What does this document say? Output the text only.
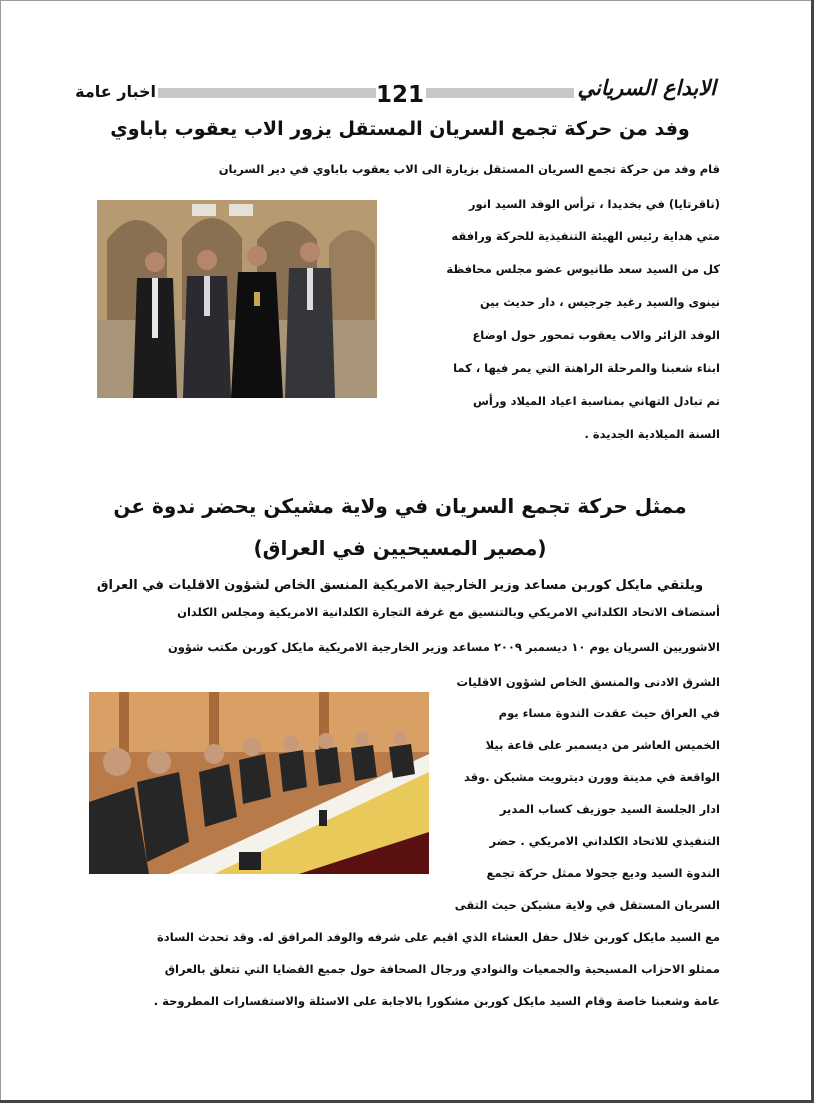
الابداع السرياني
121
اخبار عامة
وفد من حركة تجمع السريان المستقل يزور الاب يعقوب باباوي
قام وفد من حركة تجمع السريان المستقل بزيارة الى الاب يعقوب باباوي في دير السريان
(ناقرتايا) في بخديدا ، ترأس الوفد السيد انور
متي هداية رئيس الهيئة التنفيذية للحركة ورافقه
كل من السيد سعد طانيوس عضو مجلس محافظة
نينوى والسيد رغيد جرجيس ، دار حديث بين
الوفد الزائر والاب يعقوب تمحور حول اوضاع
ابناء شعبنا والمرحلة الراهنة التي يمر فيها ، كما
تم تبادل التهاني بمناسبة اعياد الميلاد ورأس
السنة الميلادية الجديدة .
ممثل حركة تجمع السريان في ولاية مشيكن يحضر ندوة عن
(مصير المسيحيين في العراق)
ويلتقي مايكل كوربن مساعد وزير الخارجية الامريكية المنسق الخاص لشؤون الاقليات في العراق
أستضاف الاتحاد الكلداني الامريكي وبالتنسيق مع غرفة التجارة الكلدانية الامريكية ومجلس الكلدان
الاشوريين السريان يوم ١٠ ديسمبر ٢٠٠٩ مساعد وزير الخارجية الامريكية مايكل كوربن مكتب شؤون
الشرق الادنى والمنسق الخاص لشؤون الاقليات
في العراق حيث عقدت الندوة مساء يوم
الخميس العاشر من ديسمبر على قاعة بيلا
الواقعة في مدينة وورن ديترويت مشيكن .وقد
ادار الجلسة السيد جوزيف كساب المدير
التنفيذي للاتحاد الكلداني الامريكي . حضر
الندوة السيد وديع جحولا ممثل حركة تجمع
السريان المستقل في ولاية مشيكن حيث التقى
مع السيد مايكل كوربن خلال حفل العشاء الذي اقيم على شرفه والوفد المرافق له. وقد تحدث السادة
ممثلو الاحزاب المسيحية والجمعيات والنوادي ورجال الصحافة حول جميع القضايا التي تتعلق بالعراق
عامة وشعبنا خاصة وقام السيد مايكل كوربن مشكورا بالاجابة على الاسئلة والاستفسارات المطروحة .
